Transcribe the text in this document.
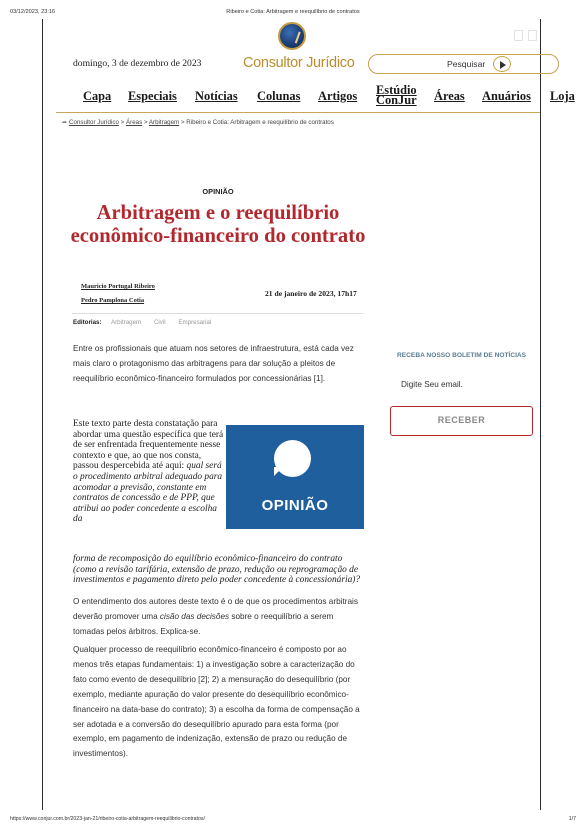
03/12/2023, 23:16	Ribeiro e Cotia: Arbitragem e reequilíbrio de contratos
Consultor Jurídico
domingo, 3 de dezembro de 2023	Pesquisar
Capa Especiais Notícias Colunas Artigos Estúdio ConJur Áreas Anuários Loja
➦ Consultor Jurídico > Áreas > Arbitragem > Ribeiro e Cotia: Arbitragem e reequilíbrio de contratos
OPINIÃO
Arbitragem e o reequilíbrio econômico-financeiro do contrato
Mauricio Portugal Ribeiro
Pedro Pamplona Cotia
21 de janeiro de 2023, 17h17
Editorias: Arbitragem Civil Empresarial
Entre os profissionais que atuam nos setores de infraestrutura, está cada vez mais claro o protagonismo das arbitragens para dar solução a pleitos de reequilíbrio econômico-financeiro formulados por concessionárias [1].
Este texto parte desta constatação para abordar uma questão específica que terá de ser enfrentada frequentemente nesse contexto e que, ao que nos consta, passou despercebida até aqui: qual será o procedimento arbitral adequado para acomodar a previsão, constante em contratos de concessão e de PPP, que atribui ao poder concedente a escolha da
forma de recomposição do equilíbrio econômico-financeiro do contrato (como a revisão tarifária, extensão de prazo, redução ou reprogramação de investimentos e pagamento direto pelo poder concedente à concessionária)?
OPINIÃO
O entendimento dos autores deste texto é o de que os procedimentos arbitrais deverão promover uma cisão das decisões sobre o reequilíbrio a serem tomadas pelos árbitros. Explica-se.
Qualquer processo de reequilíbrio econômico-financeiro é composto por ao menos três etapas fundamentais: 1) a investigação sobre a caracterização do fato como evento de desequilíbrio [2]; 2) a mensuração do desequilíbrio (por exemplo, mediante apuração do valor presente do desequilíbrio econômico-financeiro na data-base do contrato); 3) a escolha da forma de compensação a ser adotada e a conversão do desequilíbrio apurado para esta forma (por exemplo, em pagamento de indenização, extensão de prazo ou redução de investimentos).
RECEBA NOSSO BOLETIM DE NOTÍCIAS
Digite Seu email.
RECEBER
https://www.conjur.com.br/2023-jan-21/ribeiro-cotia-arbitragem-reequilibrio-contratos/	1/7
